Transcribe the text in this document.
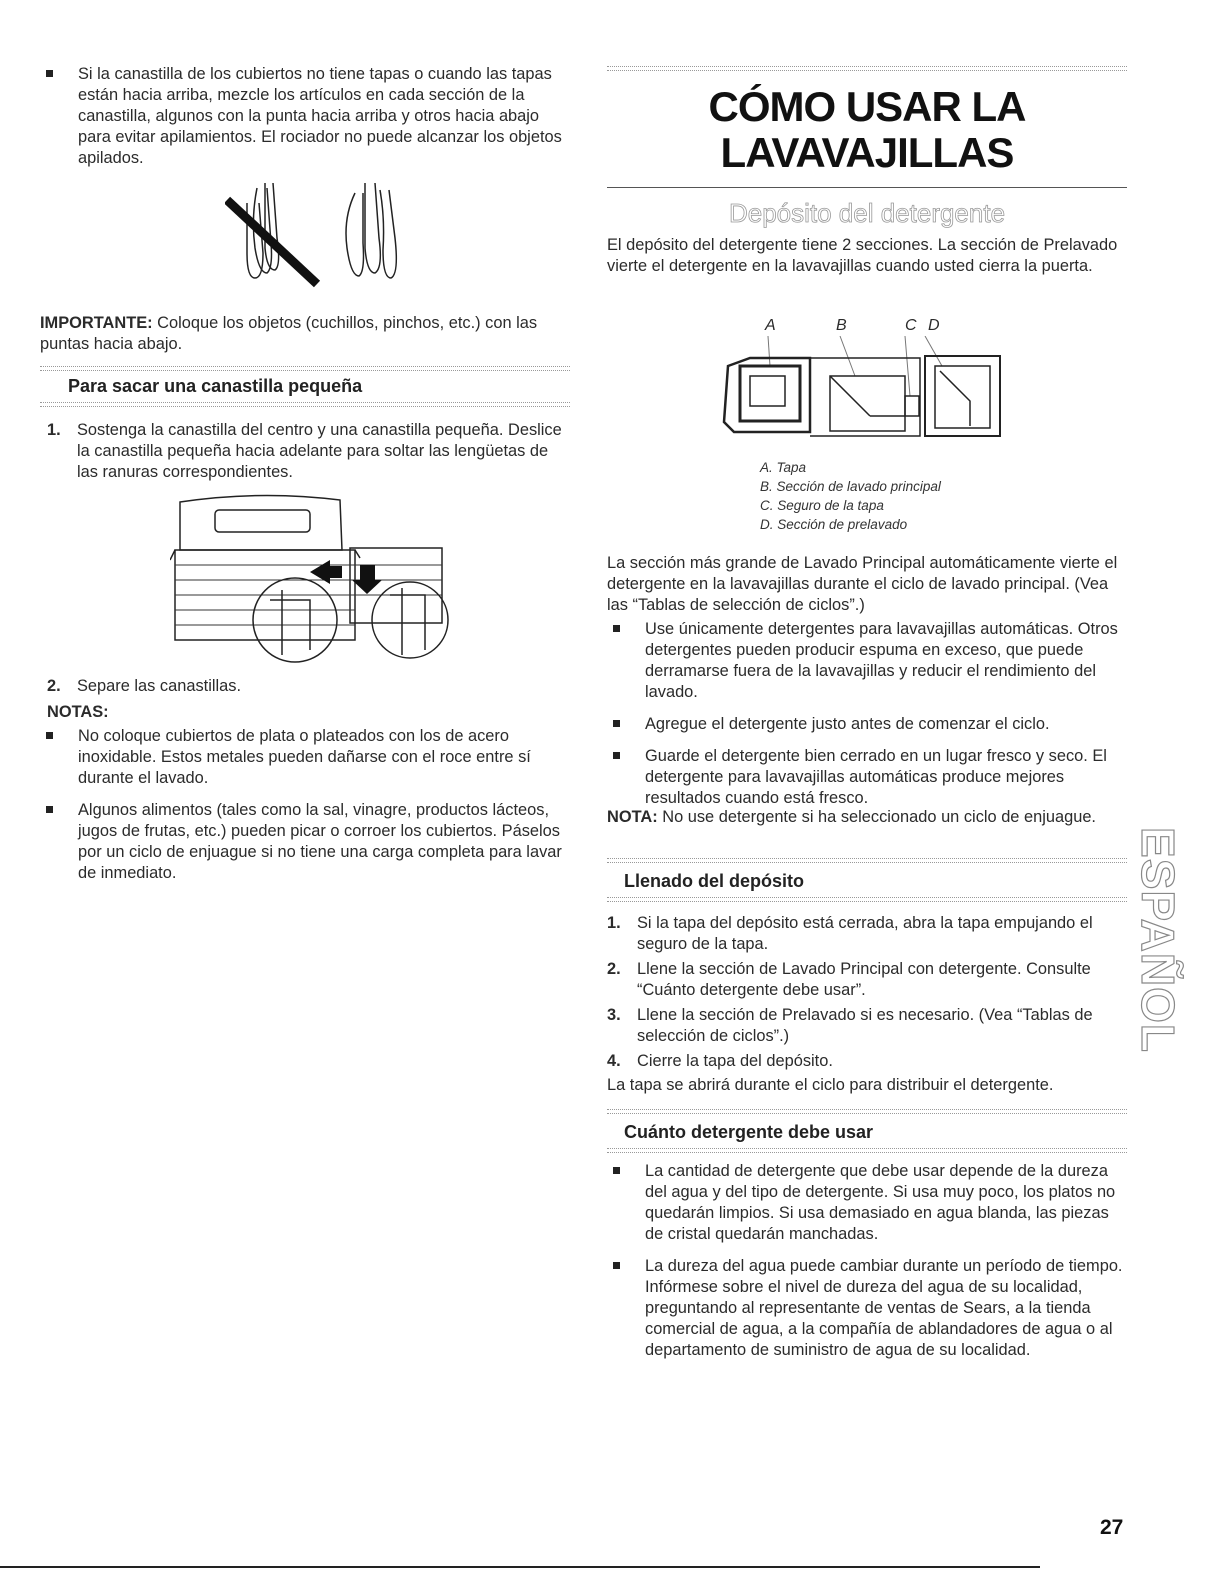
Si la canastilla de los cubiertos no tiene tapas o cuando las tapas están hacia arriba, mezcle los artículos en cada sección de la canastilla, algunos con la punta hacia arriba y otros hacia abajo para evitar apilamientos. El rociador no puede alcanzar los objetos apilados.

IMPORTANTE: Coloque los objetos (cuchillos, pinchos, etc.) con las puntas hacia abajo.

Para sacar una canastilla pequeña
1. Sostenga la canastilla del centro y una canastilla pequeña. Deslice la canastilla pequeña hacia adelante para soltar las lengüetas de las ranuras correspondientes.
2. Separe las canastillas.
NOTAS:
No coloque cubiertos de plata o plateados con los de acero inoxidable. Estos metales pueden dañarse con el roce entre sí durante el lavado.
Algunos alimentos (tales como la sal, vinagre, productos lácteos, jugos de frutas, etc.) pueden picar o corroer los cubiertos. Páselos por un ciclo de enjuague si no tiene una carga completa para lavar de inmediato.
CÓMO USAR LA
LAVAVAJILLAS
Depósito del detergente

El depósito del detergente tiene 2 secciones. La sección de Prelavado vierte el detergente en la lavavajillas cuando usted cierra la puerta.

A	B	C D
A. Tapa
B. Sección de lavado principal
C. Seguro de la tapa
D. Sección de prelavado

La sección más grande de Lavado Principal automáticamente vierte el detergente en la lavavajillas durante el ciclo de lavado principal. (Vea las “Tablas de selección de ciclos”.)

Use únicamente detergentes para lavavajillas automáticas. Otros detergentes pueden producir espuma en exceso, que puede derramarse fuera de la lavavajillas y reducir el rendimiento del lavado.
Agregue el detergente justo antes de comenzar el ciclo.
Guarde el detergente bien cerrado en un lugar fresco y seco. El detergente para lavavajillas automáticas produce mejores resultados cuando está fresco.

NOTA: No use detergente si ha seleccionado un ciclo de enjuague.

Llenado del depósito
1. Si la tapa del depósito está cerrada, abra la tapa empujando el seguro de la tapa.
2. Llene la sección de Lavado Principal con detergente. Consulte “Cuánto detergente debe usar”.
3. Llene la sección de Prelavado si es necesario. (Vea “Tablas de selección de ciclos”.)
4. Cierre la tapa del depósito.

La tapa se abrirá durante el ciclo para distribuir el detergente.

Cuánto detergente debe usar
La cantidad de detergente que debe usar depende de la dureza del agua y del tipo de detergente. Si usa muy poco, los platos no quedarán limpios. Si usa demasiado en agua blanda, las piezas de cristal quedarán manchadas.
La dureza del agua puede cambiar durante un período de tiempo. Infórmese sobre el nivel de dureza del agua de su localidad, preguntando al representante de ventas de Sears, a la tienda comercial de agua, a la compañía de ablandadores de agua o al departamento de suministro de agua de su localidad.
ESPAÑOL
27
